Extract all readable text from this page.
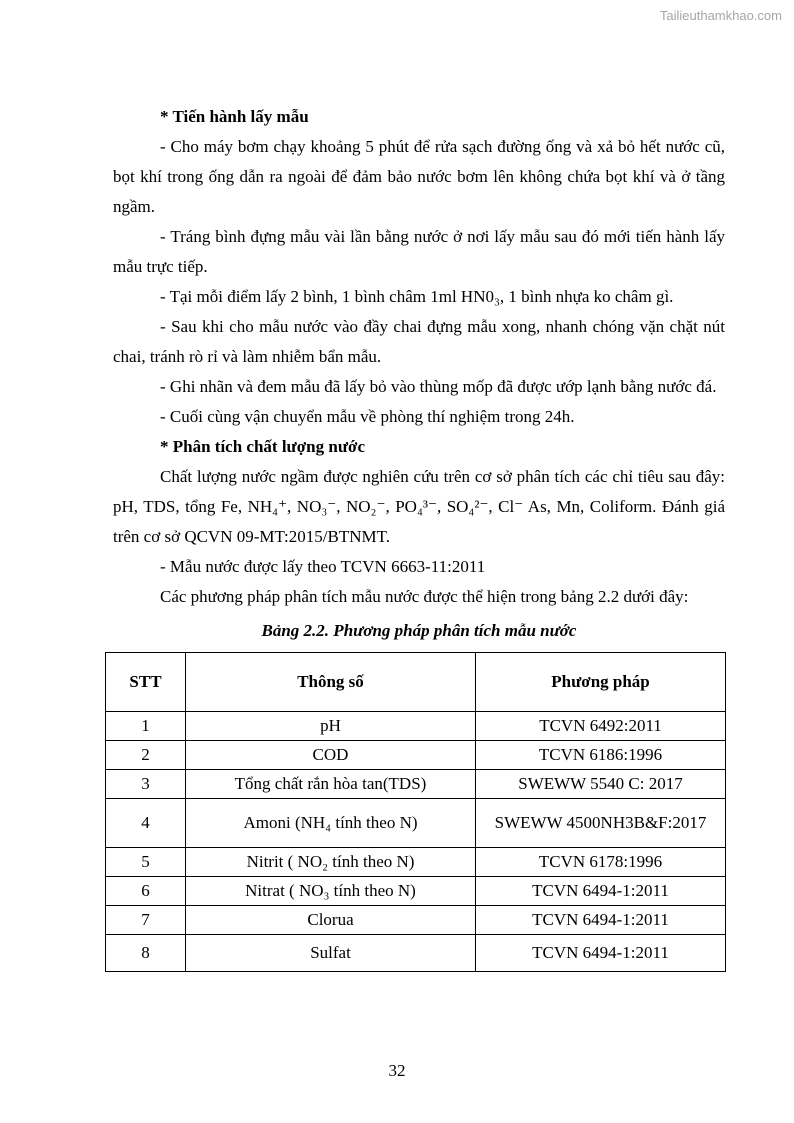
Tailieuthamkhao.com

* Tiến hành lấy mẫu

- Cho máy bơm chạy khoảng 5 phút để rửa sạch đường ống và xả bỏ hết nước cũ, bọt khí trong ống dẫn ra ngoài để đảm bảo nước bơm lên không chứa bọt khí và ở tầng ngầm.

- Tráng bình đựng mẫu vài lần bằng nước ở nơi lấy mẫu sau đó mới tiến hành lấy mẫu trực tiếp.

- Tại mỗi điểm lấy 2 bình, 1 bình châm 1ml HN0₃, 1 bình nhựa ko châm gì.

- Sau khi cho mẫu nước vào đầy chai đựng mẫu xong, nhanh chóng vặn chặt nút chai, tránh rò rỉ và làm nhiễm bẩn mẫu.

- Ghi nhãn và đem mẫu đã lấy bỏ vào thùng mốp đã được ướp lạnh bằng nước đá.

- Cuối cùng vận chuyển mẫu về phòng thí nghiệm trong 24h.

* Phân tích chất lượng nước

Chất lượng nước ngầm được nghiên cứu trên cơ sở phân tích các chỉ tiêu sau đây: pH, TDS, tổng Fe, NH₄⁺, NO₃⁻, NO₂⁻, PO₄³⁻, SO₄²⁻, Cl⁻ As, Mn, Coliform. Đánh giá trên cơ sở QCVN 09-MT:2015/BTNMT.

- Mẫu nước được lấy theo TCVN 6663-11:2011

Các phương pháp phân tích mẫu nước được thể hiện trong bảng 2.2 dưới đây:

Bảng 2.2. Phương pháp phân tích mẫu nước

STT	Thông số	Phương pháp
1	pH	TCVN 6492:2011
2	COD	TCVN 6186:1996
3	Tổng chất rắn hòa tan(TDS)	SWEWW 5540 C: 2017
4	Amoni (NH₄ tính theo N)	SWEWW 4500NH3B&F:2017
5	Nitrit ( NO₂ tính theo N)	TCVN 6178:1996
6	Nitrat ( NO₃ tính theo N)	TCVN 6494-1:2011
7	Clorua	TCVN 6494-1:2011
8	Sulfat	TCVN 6494-1:2011
32
